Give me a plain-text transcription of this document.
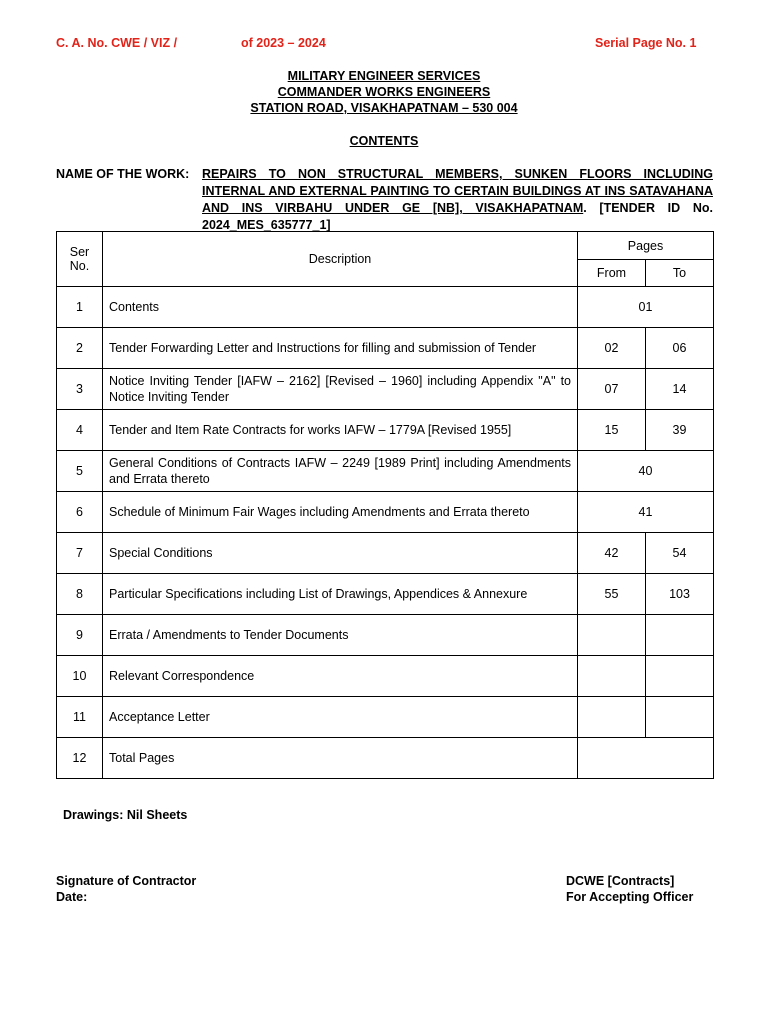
C. A. No. CWE / VIZ /	of 2023 – 2024	Serial Page No. 1
MILITARY ENGINEER SERVICES
COMMANDER WORKS ENGINEERS
STATION ROAD, VISAKHAPATNAM – 530 004
CONTENTS
NAME OF THE WORK: REPAIRS TO NON STRUCTURAL MEMBERS, SUNKEN FLOORS INCLUDING INTERNAL AND EXTERNAL PAINTING TO CERTAIN BUILDINGS AT INS SATAVAHANA AND INS VIRBAHU UNDER GE [NB], VISAKHAPATNAM. [TENDER ID No. 2024_MES_635777_1]
Ser No.	Description	Pages	
		From	To
1	Contents	01	
2	Tender Forwarding Letter and Instructions for filling and submission of Tender	02	06
3	Notice Inviting Tender [IAFW – 2162] [Revised – 1960] including Appendix "A" to Notice Inviting Tender	07	14
4	Tender and Item Rate Contracts for works IAFW – 1779A [Revised 1955]	15	39
5	General Conditions of Contracts IAFW – 2249 [1989 Print] including Amendments and Errata thereto	40	
6	Schedule of Minimum Fair Wages including Amendments and Errata thereto	41	
7	Special Conditions	42	54
8	Particular Specifications including List of Drawings, Appendices & Annexure	55	103
9	Errata / Amendments to Tender Documents		
10	Relevant Correspondence		
11	Acceptance Letter		
12	Total Pages		
Drawings: Nil Sheets
Signature of Contractor
Date:
DCWE [Contracts]
For Accepting Officer
